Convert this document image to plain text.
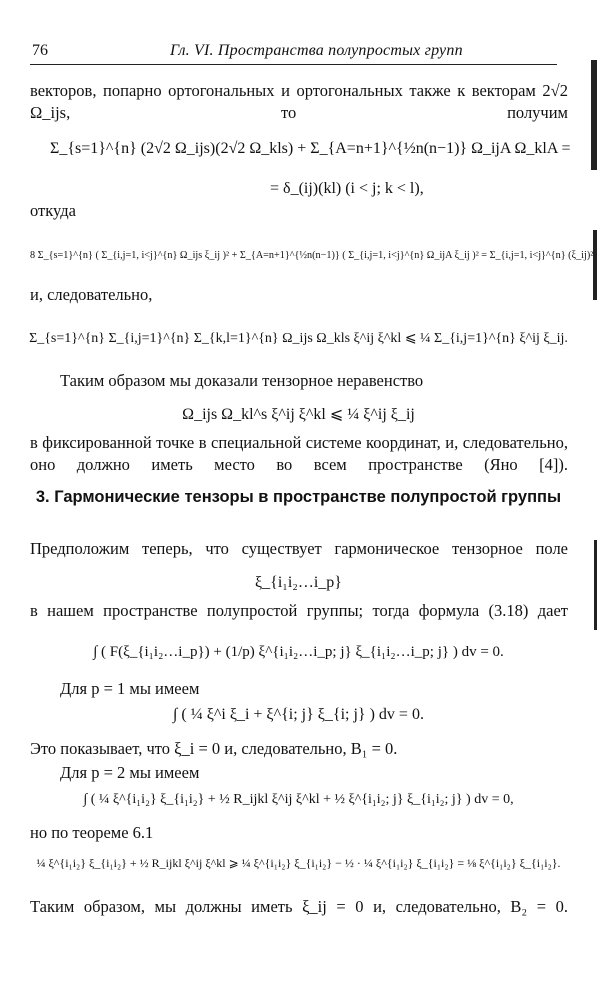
76	Гл. VI. Пространства полупростых групп
векторов, попарно ортогональных и ортогональных также к векторам 2√2 Ω_ijs, то получим
Σ_{s=1}^{n} (2√2 Ω_ijs)(2√2 Ω_kls) + Σ_{A=n+1}^{½n(n−1)} Ω_ijA Ω_klA =
= δ_(ij)(kl) (i < j; k < l),
откуда
8 Σ_{s=1}^{n} ( Σ_{i,j=1, i<j}^{n} Ω_ijs ξ_ij )² + Σ_{A=n+1}^{½n(n−1)} ( Σ_{i,j=1, i<j}^{n} Ω_ijA ξ_ij )² = Σ_{i,j=1, i<j}^{n} (ξ_ij)²
и, следовательно,
Σ_{s=1}^{n} Σ_{i,j=1}^{n} Σ_{k,l=1}^{n} Ω_ijs Ω_kls ξ^ij ξ^kl ⩽ ¼ Σ_{i,j=1}^{n} ξ^ij ξ_ij.
Таким образом мы доказали тензорное неравенство
Ω_ijs Ω_kl^s ξ^ij ξ^kl ⩽ ¼ ξ^ij ξ_ij
в фиксированной точке в специальной системе координат, и, следовательно, оно должно иметь место во всем пространстве (Яно [4]).
3. Гармонические тензоры в пространстве полупростой группы
Предположим теперь, что существует гармоническое тензорное поле
ξ_{i₁i₂…i_p}
в нашем пространстве полупростой группы; тогда формула (3.18) дает
∫ ( F(ξ_{i₁i₂…i_p}) + (1/p) ξ^{i₁i₂…i_p; j} ξ_{i₁i₂…i_p; j} ) dv = 0.
Для p = 1 мы имеем
∫ ( ¼ ξ^i ξ_i + ξ^{i; j} ξ_{i; j} ) dv = 0.
Это показывает, что ξ_i = 0 и, следовательно, B₁ = 0.
Для p = 2 мы имеем
∫ ( ¼ ξ^{i₁i₂} ξ_{i₁i₂} + ½ R_ijkl ξ^ij ξ^kl + ½ ξ^{i₁i₂; j} ξ_{i₁i₂; j} ) dv = 0,
но по теореме 6.1
¼ ξ^{i₁i₂} ξ_{i₁i₂} + ½ R_ijkl ξ^ij ξ^kl ⩾ ¼ ξ^{i₁i₂} ξ_{i₁i₂} − ½ · ¼ ξ^{i₁i₂} ξ_{i₁i₂} = ⅛ ξ^{i₁i₂} ξ_{i₁i₂}.
Таким образом, мы должны иметь ξ_ij = 0 и, следовательно, B₂ = 0.
